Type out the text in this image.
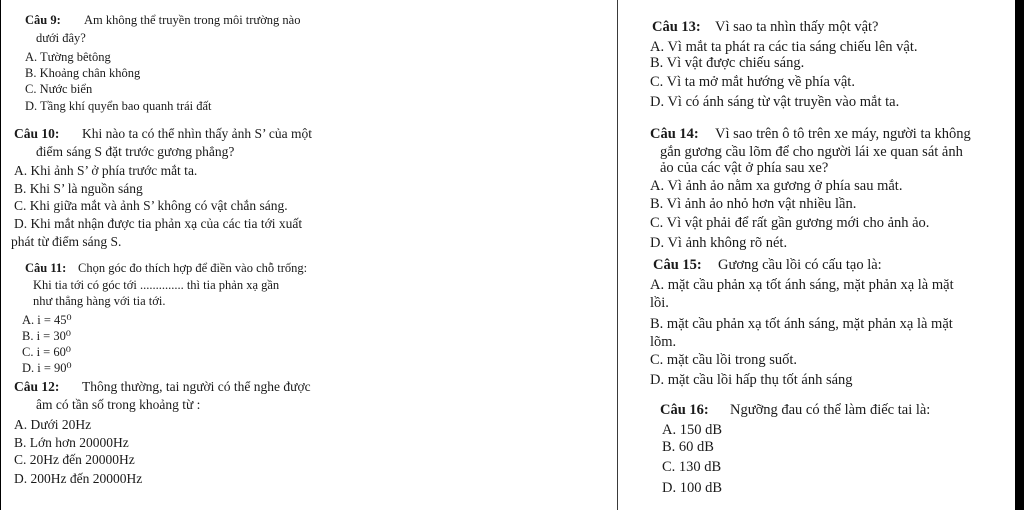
Câu 9: Am không thể truyền trong môi trường nào
dưới đây?
A. Tường bêtông
B. Khoảng chân không
C. Nước biển
D. Tầng khí quyển bao quanh trái đất
Câu 10: Khi nào ta có thể nhìn thấy ảnh S’ của một
điểm sáng S đặt trước gương phẳng?
A. Khi ảnh S’ ở phía trước mắt ta.
B. Khi S’ là nguồn sáng
C. Khi giữa mắt và ảnh S’ không có vật chắn sáng.
D. Khi mắt nhận được tia phản xạ của các tia tới xuất
phát từ điểm sáng S.
Câu 11: Chọn góc đo thích hợp để điền vào chỗ trống:
Khi tia tới có góc tới .............. thì tia phản xạ gần
như thẳng hàng với tia tới.
A. i = 45⁰
B. i = 30⁰
C. i = 60⁰
D. i = 90⁰
Câu 12: Thông thường, tai người có thể nghe được
âm có tần số trong khoảng từ :
A. Dưới 20Hz
B. Lớn hơn 20000Hz
C. 20Hz đến 20000Hz
D. 200Hz đến 20000Hz
Câu 13: Vì sao ta nhìn thấy một vật?
A. Vì mắt ta phát ra các tia sáng chiếu lên vật.
B. Vì vật được chiếu sáng.
C. Vì ta mở mắt hướng về phía vật.
D. Vì có ánh sáng từ vật truyền vào mắt ta.
Câu 14: Vì sao trên ô tô trên xe máy, người ta không
gắn gương cầu lõm để cho người lái xe quan sát ảnh
ảo của các vật ở phía sau xe?
A. Vì ảnh ảo nằm xa gương ở phía sau mắt.
B. Vì ảnh ảo nhỏ hơn vật nhiều lần.
C. Vì vật phải để rất gần gương mới cho ảnh ảo.
D. Vì ảnh không rõ nét.
Câu 15: Gương cầu lồi có cấu tạo là:
A. mặt cầu phản xạ tốt ánh sáng, mặt phản xạ là mặt
lồi.
B. mặt cầu phản xạ tốt ánh sáng, mặt phản xạ là mặt
lõm.
C. mặt cầu lồi trong suốt.
D. mặt cầu lồi hấp thụ tốt ánh sáng
Câu 16: Ngưỡng đau có thể làm điếc tai là:
A. 150 dB
B. 60 dB
C. 130 dB
D. 100 dB
